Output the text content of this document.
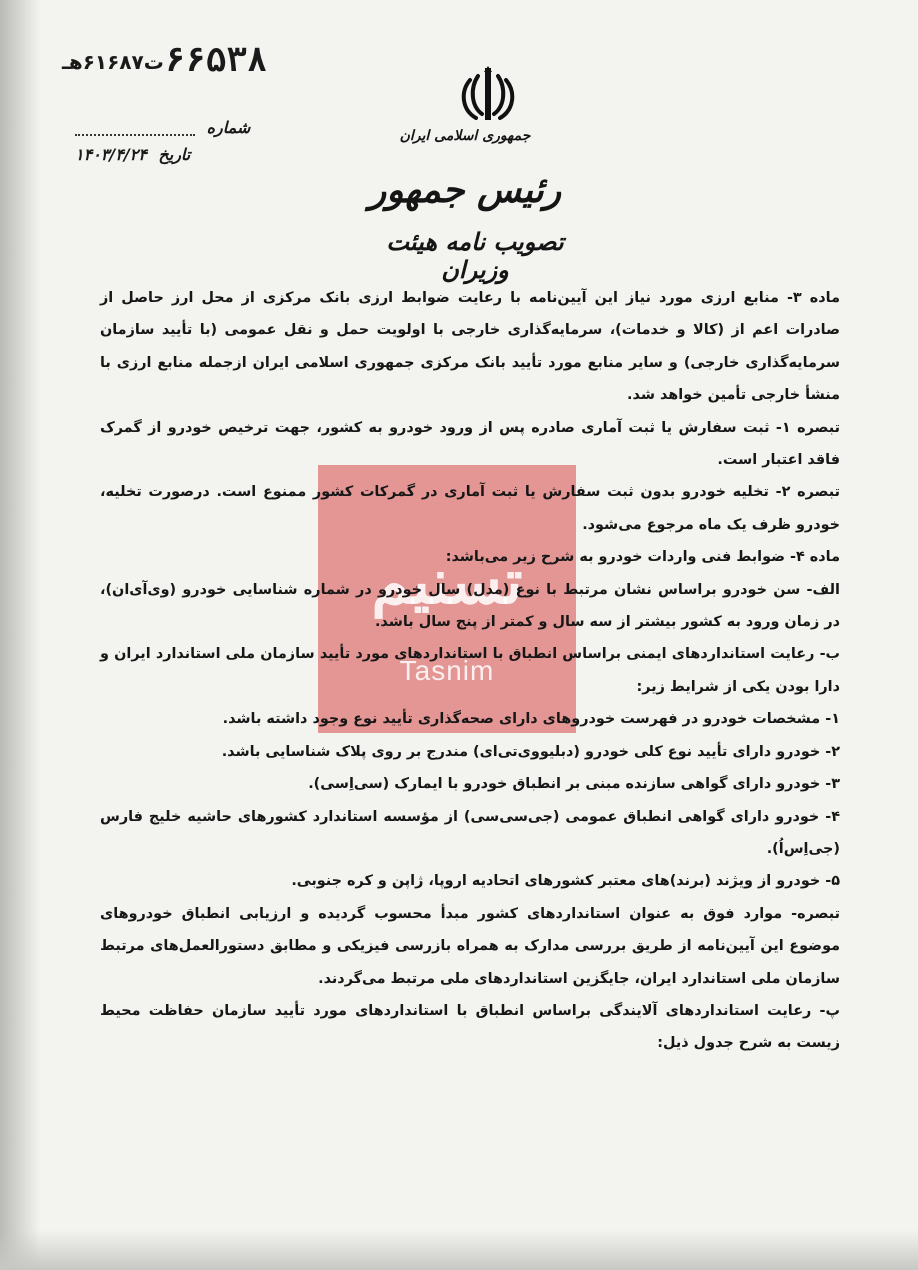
۶۶۵۳۸
ت۶۱۶۸۷هـ
شماره
تاریخ ۱۴۰۳/۴/۲۴
جمهوری اسلامی ایران
رئیس جمهور
تصویب نامه هیئت وزیران
تسنیم
Tasnim

ماده ۳- منابع ارزی مورد نیاز این آیین‌نامه با رعایت ضوابط ارزی بانک مرکزی از محل ارز حاصل از صادرات اعم از (کالا و خدمات)، سرمایه‌گذاری خارجی با اولویت حمل و نقل عمومی (با تأیید سازمان سرمایه‌گذاری خارجی) و سایر منابع مورد تأیید بانک مرکزی جمهوری اسلامی ایران ازجمله منابع ارزی با منشأ خارجی تأمین خواهد شد.

تبصره ۱- ثبت سفارش یا ثبت آماری صادره پس از ورود خودرو به کشور، جهت ترخیص خودرو از گمرک فاقد اعتبار است.

تبصره ۲- تخلیه خودرو بدون ثبت سفارش یا ثبت آماری در گمرکات کشور ممنوع است. درصورت تخلیه، خودرو ظرف یک ماه مرجوع می‌شود.

ماده ۴- ضوابط فنی واردات خودرو به شرح زیر می‌باشد:

الف- سن خودرو براساس نشان مرتبط با نوع (مدل) سال خودرو در شماره شناسایی خودرو (وی‌آی‌ان)، در زمان ورود به کشور بیشتر از سه سال و کمتر از پنج سال باشد.

ب- رعایت استانداردهای ایمنی براساس انطباق با استانداردهای مورد تأیید سازمان ملی استاندارد ایران و دارا بودن یکی از شرایط زیر:

۱- مشخصات خودرو در فهرست خودروهای دارای صحه‌گذاری تأیید نوع وجود داشته باشد.

۲- خودرو دارای تأیید نوع کلی خودرو (دبلیووی‌تی‌ای) مندرج بر روی پلاک شناسایی باشد.

۳- خودرو دارای گواهی سازنده مبنی بر انطباق خودرو با ایمارک (سی‌اِسی).

۴- خودرو دارای گواهی انطباق عمومی (جی‌سی‌سی) از مؤسسه استاندارد کشورهای حاشیه خلیج فارس (جی‌اِس‌اُ).

۵- خودرو از ویژند (برند)های معتبر کشورهای اتحادیه اروپا، ژاپن و کره جنوبی.

تبصره- موارد فوق به عنوان استانداردهای کشور مبدأ محسوب گردیده و ارزیابی انطباق خودروهای موضوع این آیین‌نامه از طریق بررسی مدارک به همراه بازرسی فیزیکی و مطابق دستورالعمل‌های مرتبط سازمان ملی استاندارد ایران، جایگزین استانداردهای ملی مرتبط می‌گردند.

پ- رعایت استانداردهای آلایندگی براساس انطباق با استانداردهای مورد تأیید سازمان حفاظت محیط زیست به شرح جدول ذیل:
